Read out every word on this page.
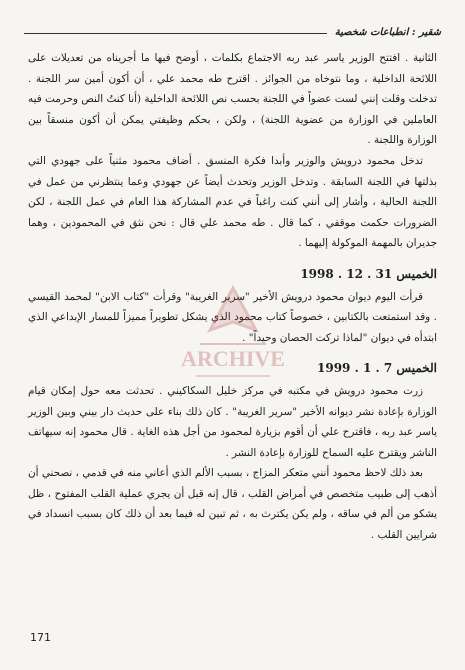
شقير : انطباعات شخصية

الثانية . افتتح الوزير ياسر عبد ربه الاجتماع بكلمات ، أوضح فيها ما أجريناه من تعديلات على اللائحة الداخلية ، وما نتوخاه من الجوائز . اقترح طه محمد علي ، أن أكون أمين سر اللجنة . تدخلت وقلت إنني لست عضواً في اللجنة بحسب نص اللائحة الداخلية (أنا كنتُ النص وحرمت فيه العاملين في الوزارة من عضوية اللجنة) ، ولكن ، بحكم وظيفتي يمكن أن أكون منسقاً بين الوزارة واللجنة .

تدخل محمود درويش والوزير وأبدا فكرة المنسق . أضاف محمود مثنياً على جهودي التي بذلتها في اللجنة السابقة . وتدخل الوزير وتحدث أيضاً عن جهودي وعما ينتظرني من عمل في اللجنة الحالية ، وأشار إلى أنني كنت راغباً في عدم المشاركة هذا العام في عمل اللجنة ، لكن الضرورات حكمت موقفي ، كما قال . طه محمد علي قال : نحن نثق في المحمودين ، وهما جديران بالمهمة الموكولة إليهما .

الخميس 31 . 12 . 1998

قرأت اليوم ديوان محمود درويش الأخير "سرير الغريبة" وقرأت "كتاب الابن" لمحمد القيسي . وقد استمتعت بالكتابين ، خصوصاً كتاب محمود الذي يشكل تطويراً مميزاً للمسار الإبداعي الذي ابتدأه في ديوان "لماذا تركت الحصان وحيداً" .

الخميس 7 . 1 . 1999

زرت محمود درويش في مكتبه في مركز خليل السكاكيني . تحدثت معه حول إمكان قيام الوزارة بإعادة نشر ديوانه الأخير "سرير الغريبة" . كان ذلك بناء على حديث دار بيني وبين الوزير ياسر عبد ربه ، فاقترح علي أن أقوم بزيارة لمحمود من أجل هذه الغاية . قال محمود إنه سيهاتف الناشر ويقترح عليه السماح للوزارة بإعادة النشر .

بعد ذلك لاحظ محمود أنني متعكر المزاج ، بسبب الألم الذي أعاني منه في قدمي ، نصحني أن أذهب إلى طبيب متخصص في أمراض القلب ، قال إنه قبل أن يجري عملية القلب المفتوح ، ظل يشكو من ألم في ساقه ، ولم يكن يكترث به ، ثم تبين له فيما بعد أن ذلك كان بسبب انسداد في شرايين القلب .

ARCHIVE
171
